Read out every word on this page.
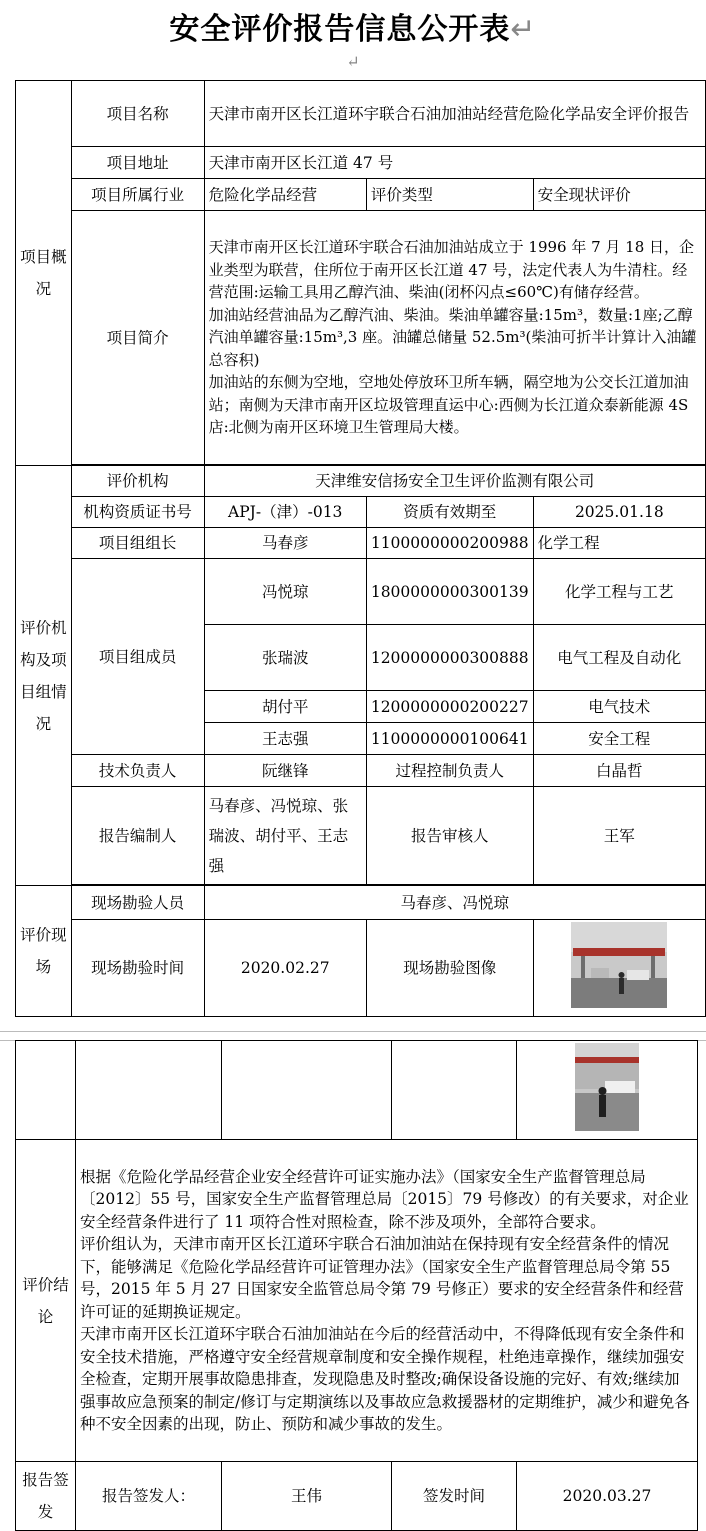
安全评价报告信息公开表↵
↵
项目概况	项目名称	天津市南开区长江道环宇联合石油加油站经营危险化学品安全评价报告		
	项目地址	天津市南开区长江道 47 号		
	项目所属行业	危险化学品经营	评价类型	安全现状评价
	项目简介	天津市南开区长江道环宇联合石油加油站成立于 1996 年 7 月 18 日，企业类型为联营，住所位于南开区长江道 47 号，法定代表人为牛清柱。经营范围:运输工具用乙醇汽油、柴油(闭杯闪点≤60℃)有储存经营。

加油站经营油品为乙醇汽油、柴油。柴油单罐容量:15m³，数量:1座;乙醇汽油单罐容量:15m³,3 座。油罐总储量 52.5m³(柴油可折半计算计入油罐总容积)

加油站的东侧为空地，空地处停放环卫所车辆，隔空地为公交长江道加油站；南侧为天津市南开区垃圾管理直运中心:西侧为长江道众泰新能源 4S 店:北侧为南开区环境卫生管理局大楼。		

评价机构及项目组情况	评价机构	天津维安信扬安全卫生评价监测有限公司		
	机构资质证书号	APJ-（津）-013	资质有效期至	2025.01.18
	项目组组长	马春彦	1100000000200988	化学工程
	项目组成员	冯悦琼	1800000000300139	化学工程与工艺
		张瑞波	1200000000300888	电气工程及自动化
		胡付平	1200000000200227	电气技术
		王志强	1100000000100641	安全工程
	技术负责人	阮继锋	过程控制负责人	白晶哲
	报告编制人	马春彦、冯悦琼、张瑞波、胡付平、王志强	报告审核人	王军

评价现场	现场勘验人员	马春彦、冯悦琼		
	现场勘验时间	2020.02.27	现场勘验图像	

评价结论	根据《危险化学品经营企业安全经营许可证实施办法》（国家安全生产监督管理总局〔2012〕55 号，国家安全生产监督管理总局〔2015〕79 号修改）的有关要求，对企业安全经营条件进行了 11 项符合性对照检查，除不涉及项外，全部符合要求。

评价组认为，天津市南开区长江道环宇联合石油加油站在保持现有安全经营条件的情况下，能够满足《危险化学品经营许可证管理办法》（国家安全生产监督管理总局令第 55 号，2015 年 5 月 27 日国家安全监管总局令第 79 号修正）要求的安全经营条件和经营许可证的延期换证规定。

天津市南开区长江道环宇联合石油加油站在今后的经营活动中，不得降低现有安全条件和安全技术措施，严格遵守安全经营规章制度和安全操作规程，杜绝违章操作，继续加强安全检查，定期开展事故隐患排查，发现隐患及时整改;确保设备设施的完好、有效;继续加强事故应急预案的制定/修订与定期演练以及事故应急救援器材的定期维护，减少和避免各种不安全因素的出现，防止、预防和减少事故的发生。			

报告签发	报告签发人：	王伟	签发时间	2020.03.27
